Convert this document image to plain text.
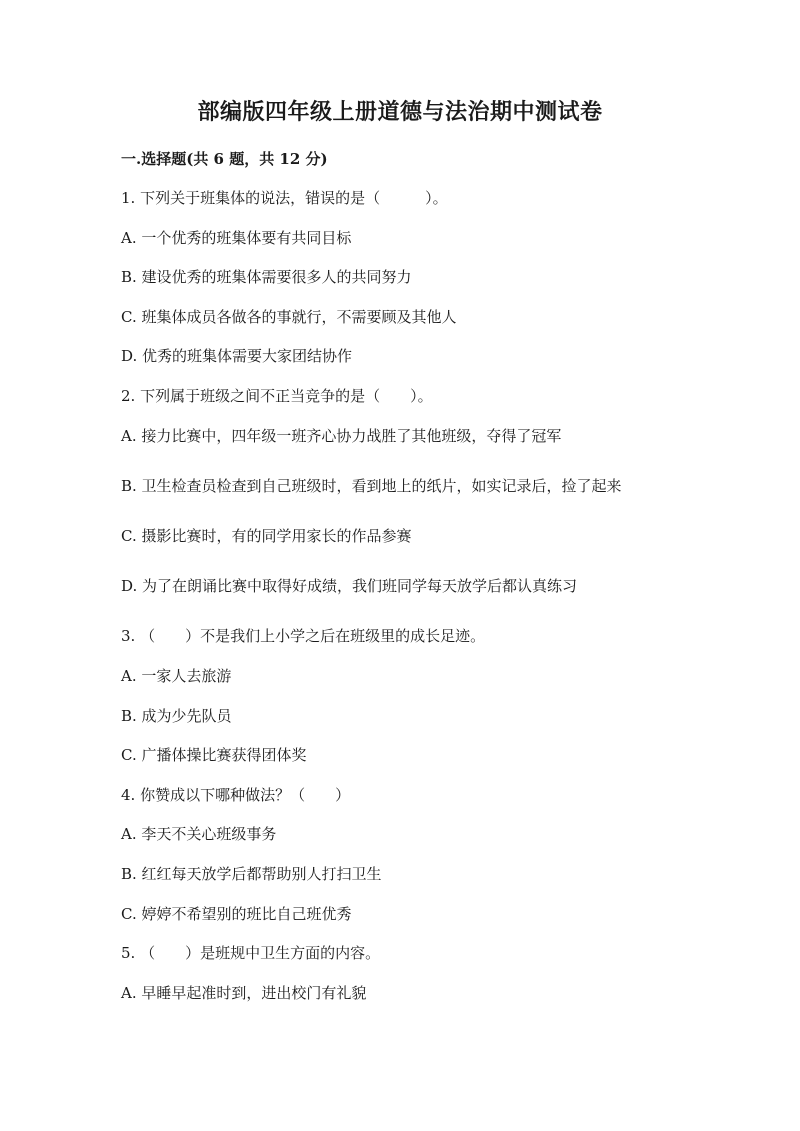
部编版四年级上册道德与法治期中测试卷
一.选择题(共 6 题，共 12 分)
1. 下列关于班集体的说法，错误的是（　　　）。
A. 一个优秀的班集体要有共同目标
B. 建设优秀的班集体需要很多人的共同努力
C. 班集体成员各做各的事就行，不需要顾及其他人
D. 优秀的班集体需要大家团结协作
2. 下列属于班级之间不正当竞争的是（　　）。
A. 接力比赛中，四年级一班齐心协力战胜了其他班级，夺得了冠军
B. 卫生检查员检查到自己班级时，看到地上的纸片，如实记录后，捡了起来
C. 摄影比赛时，有的同学用家长的作品参赛
D. 为了在朗诵比赛中取得好成绩，我们班同学每天放学后都认真练习
3. （　　）不是我们上小学之后在班级里的成长足迹。
A. 一家人去旅游
B. 成为少先队员
C. 广播体操比赛获得团体奖
4. 你赞成以下哪种做法？（　　）
A. 李天不关心班级事务
B. 红红每天放学后都帮助别人打扫卫生
C. 婷婷不希望别的班比自己班优秀
5. （　　）是班规中卫生方面的内容。
A. 早睡早起准时到，进出校门有礼貌
